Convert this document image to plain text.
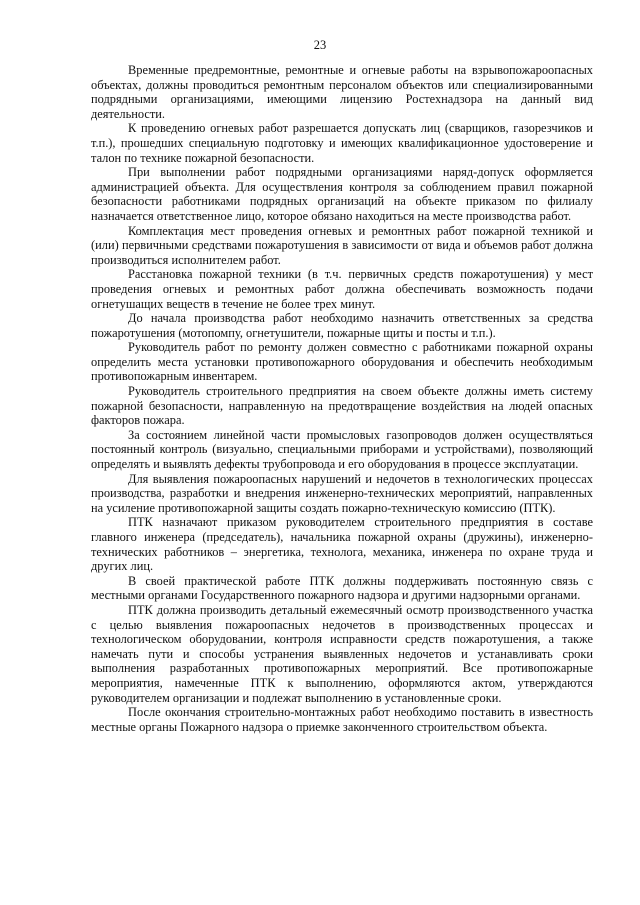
23

Временные предремонтные, ремонтные и огневые работы на взрывопожароопасных объектах, должны проводиться ремонтным персоналом объектов или специализированными подрядными организациями, имеющими лицензию Ростехнадзора на данный вид деятельности.

К проведению огневых работ разрешается допускать лиц (сварщиков, газорезчиков и т.п.), прошедших специальную подготовку и имеющих квалификационное удостоверение и талон по технике пожарной безопасности.

При выполнении работ подрядными организациями наряд-допуск оформляется администрацией объекта. Для осуществления контроля за соблюдением правил пожарной безопасности работниками подрядных организаций на объекте приказом по филиалу назначается ответственное лицо, которое обязано находиться на месте производства работ.

Комплектация мест проведения огневых и ремонтных работ пожарной техникой и (или) первичными средствами пожаротушения в зависимости от вида и объемов работ должна производиться исполнителем работ.

Расстановка пожарной техники (в т.ч. первичных средств пожаротушения) у мест проведения огневых и ремонтных работ должна обеспечивать возможность подачи огнетушащих веществ в течение не более трех минут.

До начала производства работ необходимо назначить ответственных за средства пожаротушения (мотопомпу, огнетушители, пожарные щиты и посты и т.п.).

Руководитель работ по ремонту должен совместно с работниками пожарной охраны определить места установки противопожарного оборудования и обеспечить необходимым противопожарным инвентарем.

Руководитель строительного предприятия на своем объекте должны иметь систему пожарной безопасности, направленную на предотвращение воздействия на людей опасных факторов пожара.

За состоянием линейной части промысловых газопроводов должен осуществляться постоянный контроль (визуально, специальными приборами и устройствами), позволяющий определять и выявлять дефекты трубопровода и его оборудования в процессе эксплуатации.

Для выявления пожароопасных нарушений и недочетов в технологических процессах производства, разработки и внедрения инженерно-технических мероприятий, направленных на усиление противопожарной защиты создать пожарно-техническую комиссию (ПТК).

ПТК назначают приказом руководителем строительного предприятия в составе главного инженера (председатель), начальника пожарной охраны (дружины), инженерно-технических работников – энергетика, технолога, механика, инженера по охране труда и других лиц.

В своей практической работе ПТК должны поддерживать постоянную связь с местными органами Государственного пожарного надзора и другими надзорными органами.

ПТК должна производить детальный ежемесячный осмотр производственного участка с целью выявления пожароопасных недочетов в производственных процессах и технологическом оборудовании, контроля исправности средств пожаротушения, а также намечать пути и способы устранения выявленных недочетов и устанавливать сроки выполнения разработанных противопожарных мероприятий. Все противопожарные мероприятия, намеченные ПТК к выполнению, оформляются актом, утверждаются руководителем организации и подлежат выполнению в установленные сроки.

После окончания строительно-монтажных работ необходимо поставить в известность местные органы Пожарного надзора о приемке законченного строительством объекта.
